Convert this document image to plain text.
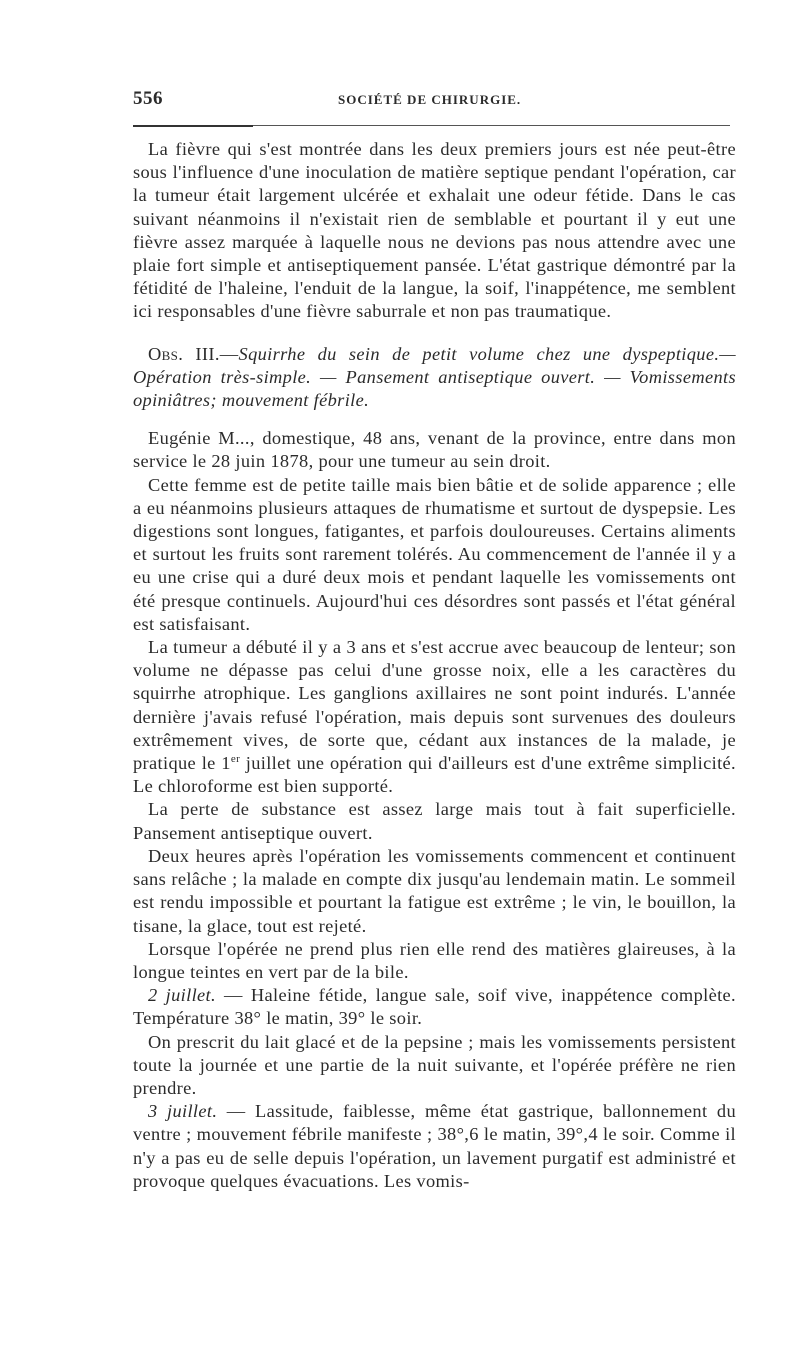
556	SOCIÉTÉ DE CHIRURGIE.

La fièvre qui s'est montrée dans les deux premiers jours est née peut-être sous l'influence d'une inoculation de matière septique pendant l'opération, car la tumeur était largement ulcérée et exhalait une odeur fétide. Dans le cas suivant néanmoins il n'existait rien de semblable et pourtant il y eut une fièvre assez marquée à laquelle nous ne devions pas nous attendre avec une plaie fort simple et antiseptiquement pansée. L'état gastrique démontré par la fétidité de l'haleine, l'enduit de la langue, la soif, l'inappétence, me semblent ici responsables d'une fièvre saburrale et non pas traumatique.

Obs. III.—Squirrhe du sein de petit volume chez une dyspeptique.— Opération très-simple. — Pansement antiseptique ouvert. — Vomissements opiniâtres; mouvement fébrile.

Eugénie M..., domestique, 48 ans, venant de la province, entre dans mon service le 28 juin 1878, pour une tumeur au sein droit.

Cette femme est de petite taille mais bien bâtie et de solide apparence ; elle a eu néanmoins plusieurs attaques de rhumatisme et surtout de dyspepsie. Les digestions sont longues, fatigantes, et parfois douloureuses. Certains aliments et surtout les fruits sont rarement tolérés. Au commencement de l'année il y a eu une crise qui a duré deux mois et pendant laquelle les vomissements ont été presque continuels. Aujourd'hui ces désordres sont passés et l'état général est satisfaisant.

La tumeur a débuté il y a 3 ans et s'est accrue avec beaucoup de lenteur; son volume ne dépasse pas celui d'une grosse noix, elle a les caractères du squirrhe atrophique. Les ganglions axillaires ne sont point indurés. L'année dernière j'avais refusé l'opération, mais depuis sont survenues des douleurs extrêmement vives, de sorte que, cédant aux instances de la malade, je pratique le 1er juillet une opération qui d'ailleurs est d'une extrême simplicité. Le chloroforme est bien supporté.

La perte de substance est assez large mais tout à fait superficielle. Pansement antiseptique ouvert.

Deux heures après l'opération les vomissements commencent et continuent sans relâche ; la malade en compte dix jusqu'au lendemain matin. Le sommeil est rendu impossible et pourtant la fatigue est extrême ; le vin, le bouillon, la tisane, la glace, tout est rejeté.

Lorsque l'opérée ne prend plus rien elle rend des matières glaireuses, à la longue teintes en vert par de la bile.

2 juillet. — Haleine fétide, langue sale, soif vive, inappétence complète. Température 38° le matin, 39° le soir.

On prescrit du lait glacé et de la pepsine ; mais les vomissements persistent toute la journée et une partie de la nuit suivante, et l'opérée préfère ne rien prendre.

3 juillet. — Lassitude, faiblesse, même état gastrique, ballonnement du ventre ; mouvement fébrile manifeste ; 38°,6 le matin, 39°,4 le soir. Comme il n'y a pas eu de selle depuis l'opération, un lavement purgatif est administré et provoque quelques évacuations. Les vomis-
